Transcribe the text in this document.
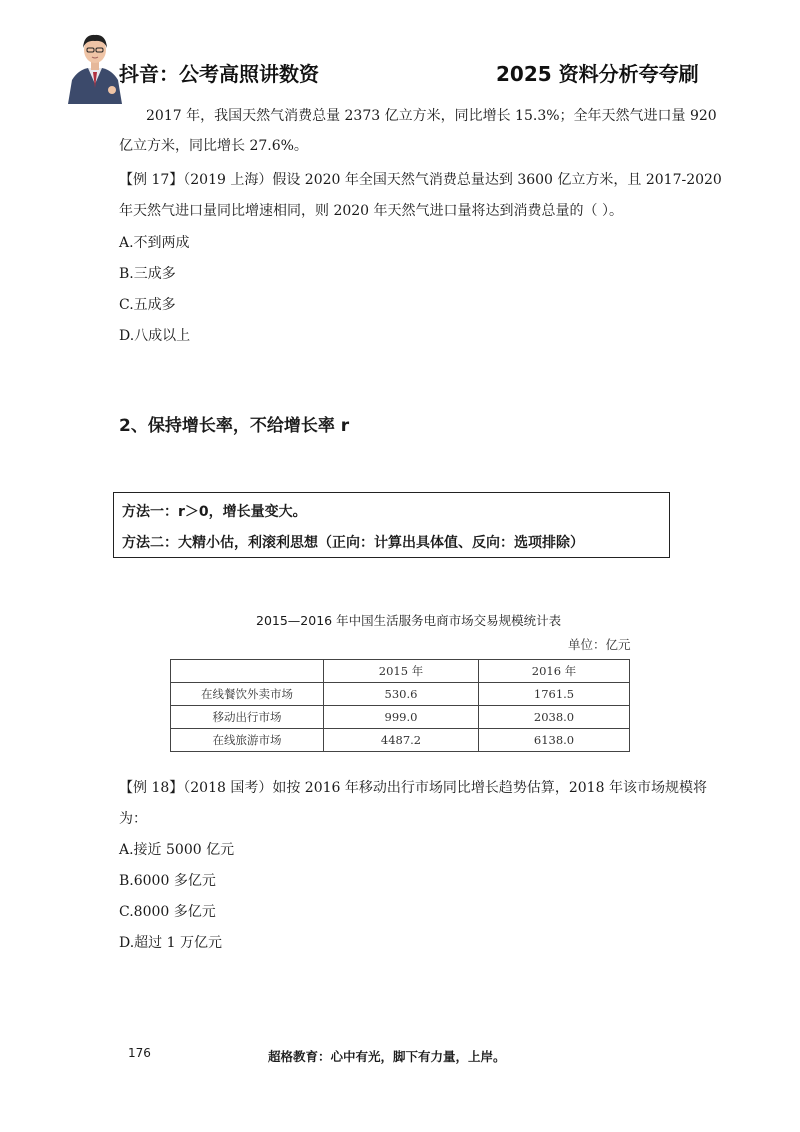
抖音：公考高照讲数资	2025 资料分析夸夸刷
2017 年，我国天然气消费总量 2373 亿立方米，同比增长 15.3%；全年天然气进口量 920
亿立方米，同比增长 27.6%。
【例 17】（2019 上海）假设 2020 年全国天然气消费总量达到 3600 亿立方米，且 2017-2020
年天然气进口量同比增速相同，则 2020 年天然气进口量将达到消费总量的（ ）。
A.不到两成
B.三成多
C.五成多
D.八成以上
2、保持增长率，不给增长率 r
方法一：r＞0，增长量变大。
方法二：大精小估，利滚利思想（正向：计算出具体值、反向：选项排除）
2015—2016 年中国生活服务电商市场交易规模统计表
单位：亿元
	2015 年	2016 年
在线餐饮外卖市场	530.6	1761.5
移动出行市场	999.0	2038.0
在线旅游市场	4487.2	6138.0
【例 18】（2018 国考）如按 2016 年移动出行市场同比增长趋势估算，2018 年该市场规模将
为：
A.接近 5000 亿元
B.6000 多亿元
C.8000 多亿元
D.超过 1 万亿元
176	超格教育：心中有光，脚下有力量，上岸。
